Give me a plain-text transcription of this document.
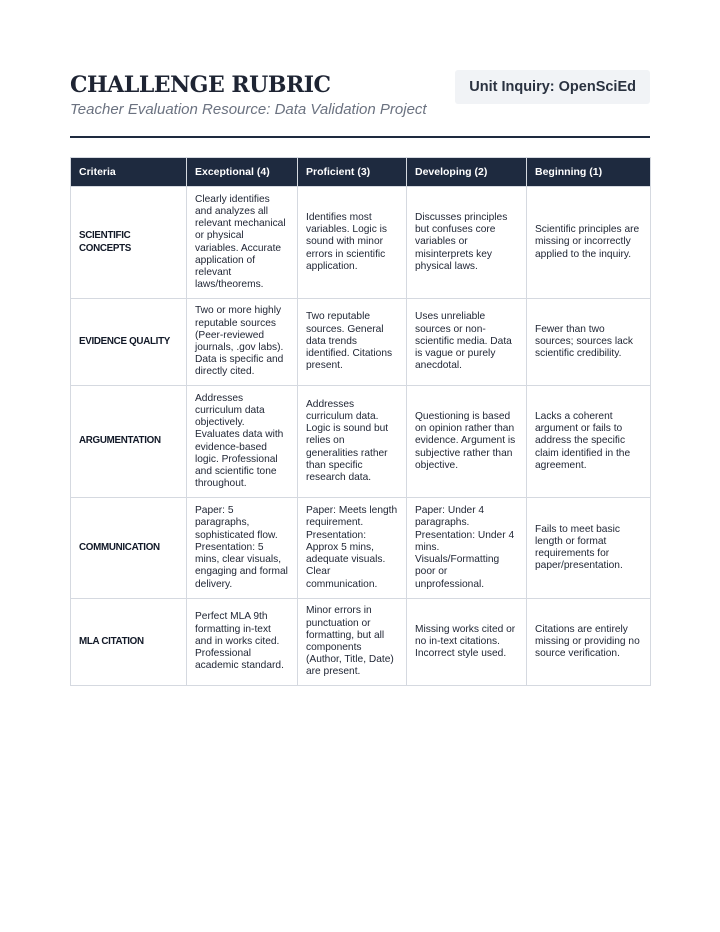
CHALLENGE RUBRIC
Teacher Evaluation Resource: Data Validation Project
Unit Inquiry: OpenSciEd
Criteria	Exceptional (4)	Proficient (3)	Developing (2)	Beginning (1)
SCIENTIFIC CONCEPTS	Clearly identifies and analyzes all relevant mechanical or physical variables. Accurate application of relevant laws/theorems.	Identifies most variables. Logic is sound with minor errors in scientific application.	Discusses principles but confuses core variables or misinterprets key physical laws.	Scientific principles are missing or incorrectly applied to the inquiry.
EVIDENCE QUALITY	Two or more highly reputable sources (Peer-reviewed journals, .gov labs). Data is specific and directly cited.	Two reputable sources. General data trends identified. Citations present.	Uses unreliable sources or non-scientific media. Data is vague or purely anecdotal.	Fewer than two sources; sources lack scientific credibility.
ARGUMENTATION	Addresses curriculum data objectively. Evaluates data with evidence-based logic. Professional and scientific tone throughout.	Addresses curriculum data. Logic is sound but relies on generalities rather than specific research data.	Questioning is based on opinion rather than evidence. Argument is subjective rather than objective.	Lacks a coherent argument or fails to address the specific claim identified in the agreement.
COMMUNICATION	Paper: 5 paragraphs, sophisticated flow. Presentation: 5 mins, clear visuals, engaging and formal delivery.	Paper: Meets length requirement. Presentation: Approx 5 mins, adequate visuals. Clear communication.	Paper: Under 4 paragraphs. Presentation: Under 4 mins. Visuals/Formatting poor or unprofessional.	Fails to meet basic length or format requirements for paper/presentation.
MLA CITATION	Perfect MLA 9th formatting in-text and in works cited. Professional academic standard.	Minor errors in punctuation or formatting, but all components (Author, Title, Date) are present.	Missing works cited or no in-text citations. Incorrect style used.	Citations are entirely missing or providing no source verification.
